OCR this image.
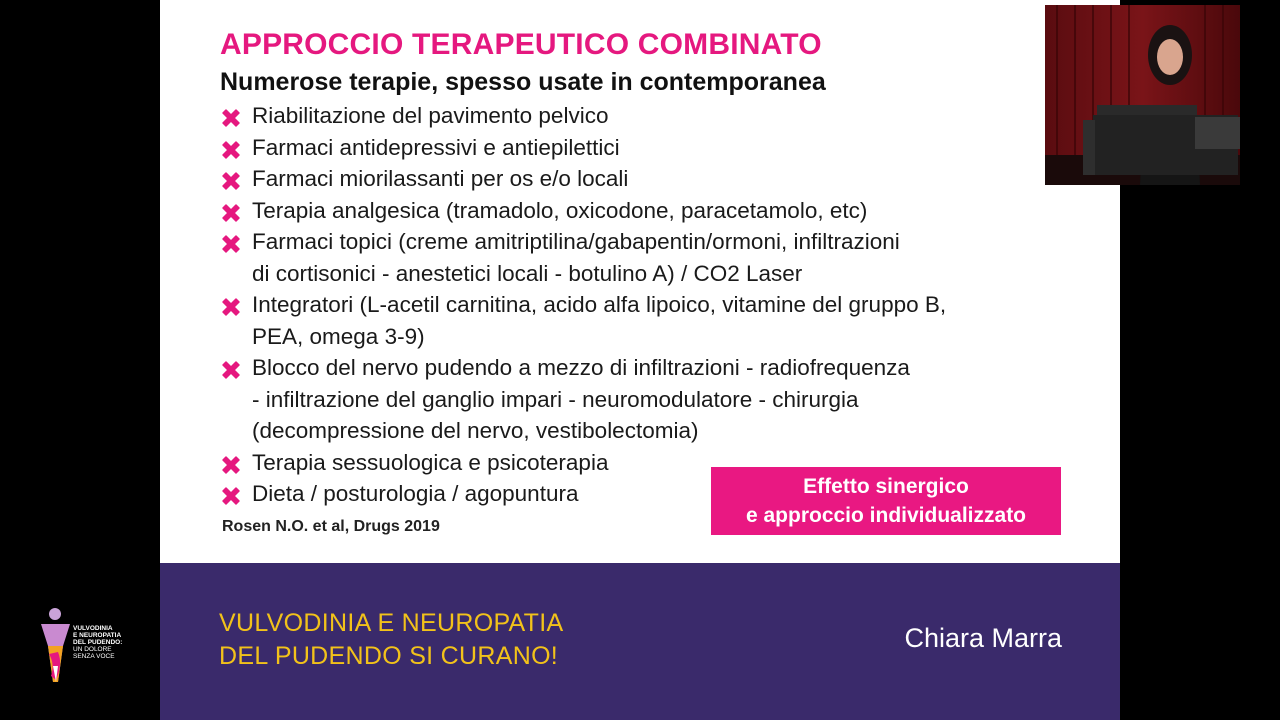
APPROCCIO TERAPEUTICO COMBINATO
Numerose terapie, spesso usate in contemporanea
Riabilitazione del pavimento pelvico
Farmaci antidepressivi e antiepilettici
Farmaci miorilassanti per os e/o locali
Terapia analgesica (tramadolo, oxicodone, paracetamolo, etc)
Farmaci topici (creme amitriptilina/gabapentin/ormoni, infiltrazioni
di cortisonici - anestetici locali - botulino A) / CO2 Laser
Integratori (L-acetil carnitina, acido alfa lipoico, vitamine del gruppo B,
PEA, omega 3-9)
Blocco del nervo pudendo a mezzo di infiltrazioni - radiofrequenza
- infiltrazione del ganglio impari - neuromodulatore - chirurgia
(decompressione del nervo, vestibolectomia)
Terapia sessuologica e psicoterapia
Dieta / posturologia / agopuntura
Rosen N.O. et al, Drugs 2019
Effetto sinergico
e approccio individualizzato
VULVODINIA E NEUROPATIA
DEL PUDENDO SI CURANO!
Chiara Marra
VULVODINIA
E NEUROPATIA
DEL PUDENDO:
UN DOLORE
SENZA VOCE
